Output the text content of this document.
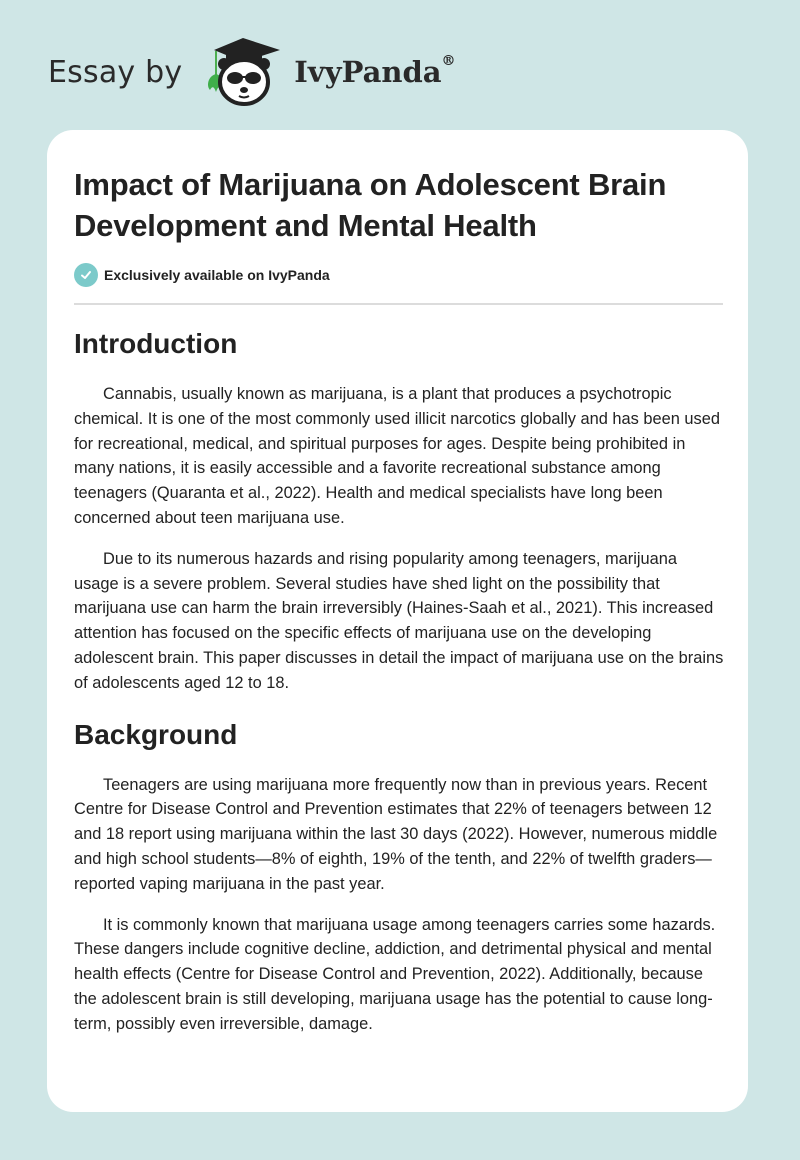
Essay by	IvyPanda®
Impact of Marijuana on Adolescent Brain Development and Mental Health
Exclusively available on IvyPanda
Introduction

Cannabis, usually known as marijuana, is a plant that produces a psychotropic chemical. It is one of the most commonly used illicit narcotics globally and has been used for recreational, medical, and spiritual purposes for ages. Despite being prohibited in many nations, it is easily accessible and a favorite recreational substance among teenagers (Quaranta et al., 2022). Health and medical specialists have long been concerned about teen marijuana use.

Due to its numerous hazards and rising popularity among teenagers, marijuana usage is a severe problem. Several studies have shed light on the possibility that marijuana use can harm the brain irreversibly (Haines-Saah et al., 2021). This increased attention has focused on the specific effects of marijuana use on the developing adolescent brain. This paper discusses in detail the impact of marijuana use on the brains of adolescents aged 12 to 18.

Background

Teenagers are using marijuana more frequently now than in previous years. Recent Centre for Disease Control and Prevention estimates that 22% of teenagers between 12 and 18 report using marijuana within the last 30 days (2022). However, numerous middle and high school students—8% of eighth, 19% of the tenth, and 22% of twelfth graders—reported vaping marijuana in the past year.

It is commonly known that marijuana usage among teenagers carries some hazards. These dangers include cognitive decline, addiction, and detrimental physical and mental health effects (Centre for Disease Control and Prevention, 2022). Additionally, because the adolescent brain is still developing, marijuana usage has the potential to cause long-term, possibly even irreversible, damage.
